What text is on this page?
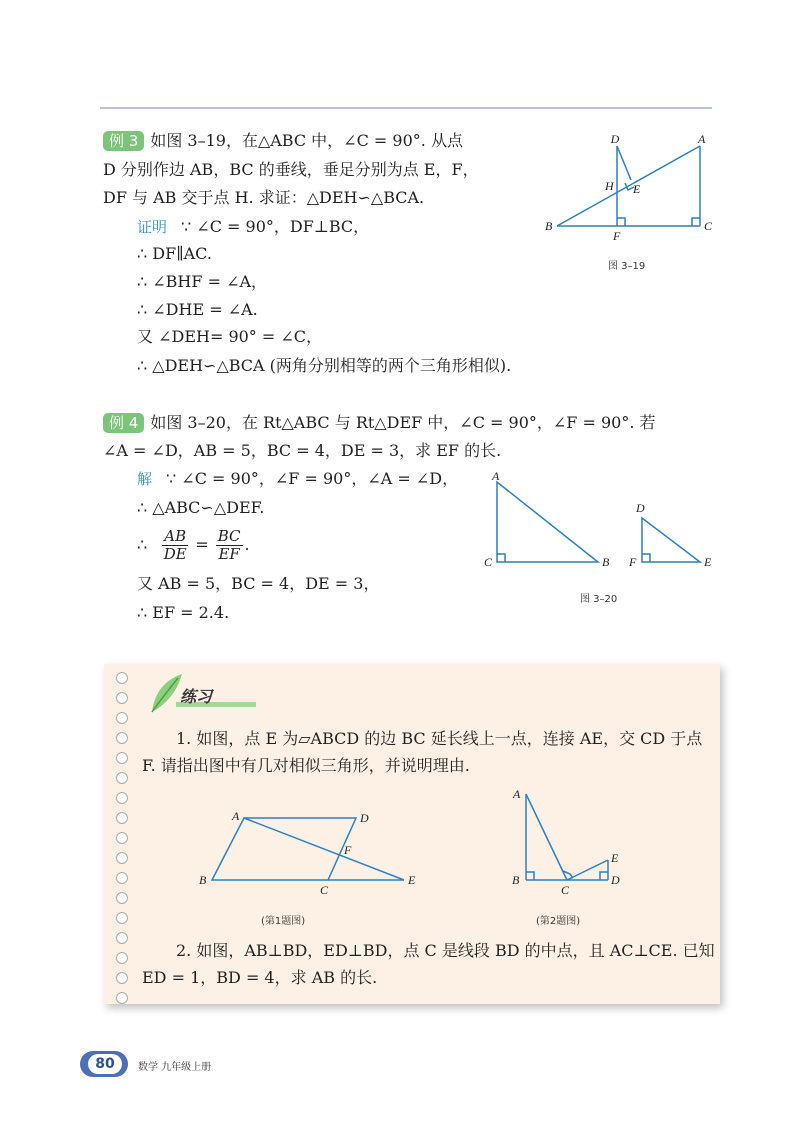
例 3 如图 3–19，在△ABC 中，∠C = 90°. 从点
D 分别作边 AB，BC 的垂线，垂足分别为点 E，F，
DF 与 AB 交于点 H. 求证：△DEH∽△BCA.
证明 ∵ ∠C = 90°，DF⊥BC，
∴ DF∥AC.
∴ ∠BHF = ∠A，
∴ ∠DHE = ∠A.
又 ∠DEH= 90° = ∠C，
∴ △DEH∽△BCA (两角分别相等的两个三角形相似).
D	A
H E
B
F
C
图 3–19
例 4 如图 3–20，在 Rt△ABC 与 Rt△DEF 中，∠C = 90°，∠F = 90°. 若
∠A = ∠D，AB = 5，BC = 4，DE = 3，求 EF 的长.
解 ∵ ∠C = 90°，∠F = 90°，∠A = ∠D，
∴ △ABC∽△DEF.
∴ $\frac{AB}{DE} = \frac{BC}{EF}$ .
又 AB = 5，BC = 4，DE = 3，
∴ EF = 2.4.
A
C	B
D
F	E
图 3–20
练习
1. 如图，点 E 为▱ABCD 的边 BC 延长线上一点，连接 AE，交 CD 于点
F. 请指出图中有几对相似三角形，并说明理由.
A	D
F
B
C
E
(第1题图)
A
E
B
C
D
(第2题图)
2. 如图，AB⊥BD，ED⊥BD，点 C 是线段 BD 的中点，且 AC⊥CE. 已知
ED = 1，BD = 4，求 AB 的长.
80	数学 九年级上册
